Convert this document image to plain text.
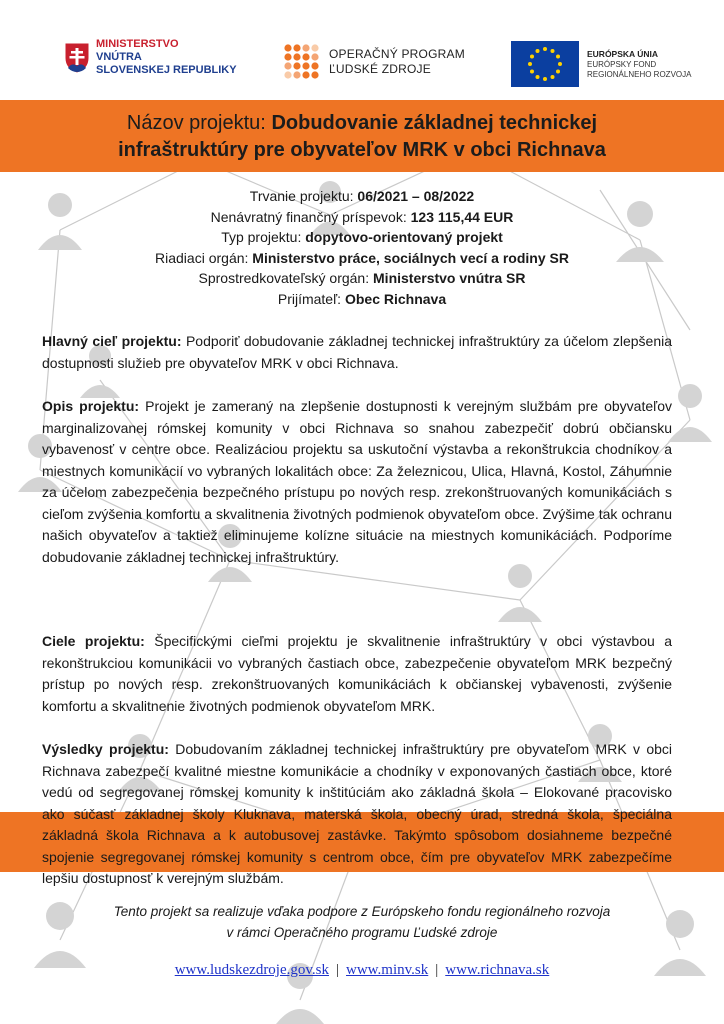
MINISTERSTVO
VNÚTRA
SLOVENSKEJ REPUBLIKY
OPERAČNÝ PROGRAM
ĽUDSKÉ ZDROJE
EURÓPSKA ÚNIA
EURÓPSKY FOND
REGIONÁLNEHO ROZVOJA
Názov projektu: Dobudovanie základnej technickej infraštruktúry pre obyvateľov MRK v obci Richnava
Trvanie projektu: 06/2021 – 08/2022
Nenávratný finančný príspevok: 123 115,44 EUR
Typ projektu: dopytovo-orientovaný projekt
Riadiaci orgán: Ministerstvo práce, sociálnych vecí a rodiny SR
Sprostredkovateľský orgán: Ministerstvo vnútra SR
Prijímateľ: Obec Richnava
Hlavný cieľ projektu: Podporiť dobudovanie základnej technickej infraštruktúry za účelom zlepšenia dostupnosti služieb pre obyvateľov MRK v obci Richnava.
Opis projektu: Projekt je zameraný na zlepšenie dostupnosti k verejným službám pre obyvateľov marginalizovanej rómskej komunity v obci Richnava so snahou zabezpečiť dobrú občiansku vybavenosť v centre obce. Realizáciou projektu sa uskutoční výstavba a rekonštrukcia chodníkov a miestnych komunikácií vo vybraných lokalitách obce: Za železnicou, Ulica, Hlavná, Kostol, Záhumnie za účelom zabezpečenia bezpečného prístupu po nových resp. zrekonštruovaných komunikáciách s cieľom zvýšenia komfortu a skvalitnenia životných podmienok obyvateľom obce. Zvýšime tak ochranu našich obyvateľov a taktiež eliminujeme kolízne situácie na miestnych komunikáciách. Podporíme dobudovanie základnej technickej infraštruktúry.
Ciele projektu: Špecifickými cieľmi projektu je skvalitnenie infraštruktúry v obci výstavbou a rekonštrukciou komunikácii vo vybraných častiach obce, zabezpečenie obyvateľom MRK bezpečný prístup po nových resp. zrekonštruovaných komunikáciách k občianskej vybavenosti, zvýšenie komfortu a skvalitnenie životných podmienok obyvateľom MRK.
Výsledky projektu: Dobudovaním základnej technickej infraštruktúry pre obyvateľom MRK v obci Richnava zabezpečí kvalitné miestne komunikácie a chodníky v exponovaných častiach obce, ktoré vedú od segregovanej rómskej komunity k inštitúciám ako základná škola – Elokované pracovisko ako súčasť základnej školy Kluknava, materská škola, obecný úrad, stredná škola, špeciálna základná škola Richnava a k autobusovej zastávke. Takýmto spôsobom dosiahneme bezpečné spojenie segregovanej rómskej komunity s centrom obce, čím pre obyvateľov MRK zabezpečíme lepšiu dostupnosť k verejným službám.
Tento projekt sa realizuje vďaka podpore z Európskeho fondu regionálneho rozvoja
v rámci Operačného programu Ľudské zdroje
www.ludskezdroje.gov.sk | www.minv.sk | www.richnava.sk
